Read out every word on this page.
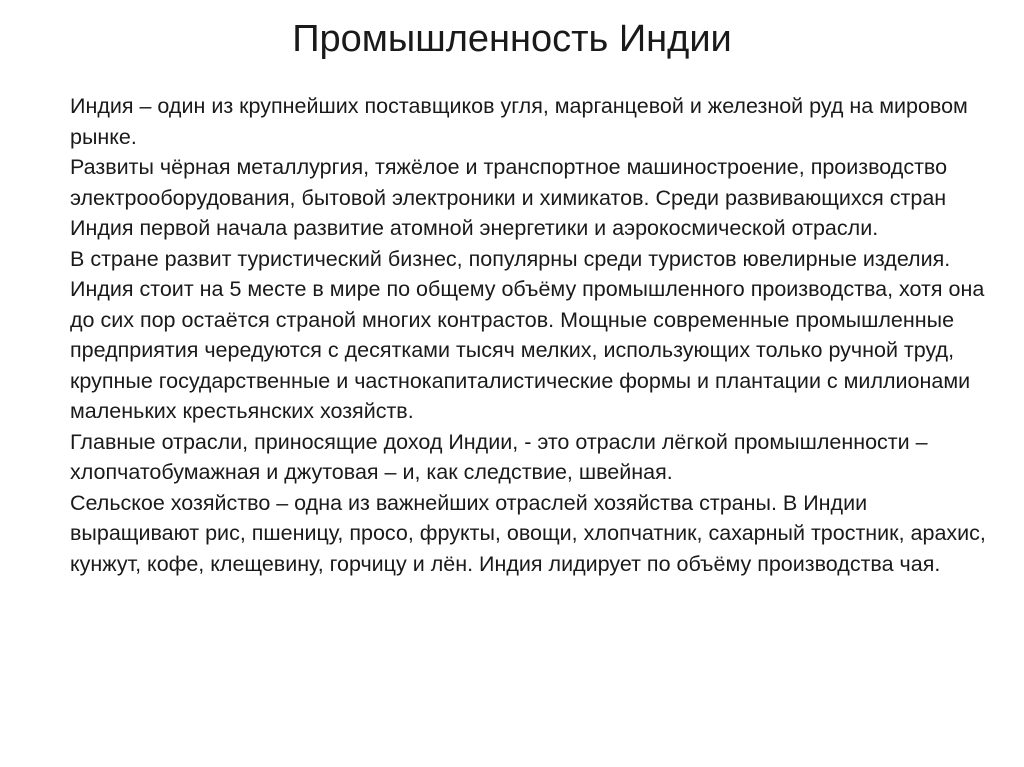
Промышленность Индии

Индия – один из крупнейших поставщиков угля, марганцевой и железной руд на мировом рынке.

Развиты чёрная металлургия, тяжёлое и транспортное машиностроение, производство электрооборудования, бытовой электроники и химикатов. Среди развивающихся стран Индия первой начала развитие атомной энергетики и аэрокосмической отрасли.

В стране развит туристический бизнес, популярны среди туристов ювелирные изделия.

Индия стоит на 5 месте в мире по общему объёму промышленного производства, хотя она до сих пор остаётся страной многих контрастов. Мощные современные промышленные предприятия чередуются с десятками тысяч мелких, использующих только ручной труд, крупные государственные и частнокапиталистические формы и плантации с миллионами маленьких крестьянских хозяйств.

Главные отрасли, приносящие доход Индии, - это отрасли лёгкой промышленности – хлопчатобумажная и джутовая – и, как следствие, швейная.

Сельское хозяйство – одна из важнейших отраслей хозяйства страны. В Индии выращивают рис, пшеницу, просо, фрукты, овощи, хлопчатник, сахарный тростник, арахис, кунжут, кофе, клещевину, горчицу и лён. Индия лидирует по объёму производства чая.
